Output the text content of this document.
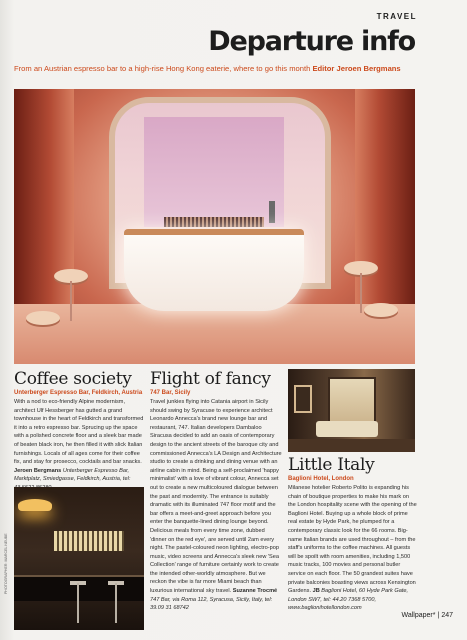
TRAVEL
Departure info
From an Austrian espresso bar to a high-rise Hong Kong eaterie, where to go this month Editor Jeroen Bergmans
Coffee society
Unterberger Espresso Bar, Feldkirch, Austria

With a nod to eco-friendly Alpine modernism, architect Ulf Hessberger has gutted a grand townhouse in the heart of Feldkirch and transformed it into a retro espresso bar. Sprucing up the space with a polished concrete floor and a sleek bar made of beaten black iron, he then filled it with slick Italian furnishings. Locals of all ages come for their coffee fix, and stay for prosecco, cocktails and bar snacks. Jeroen Bergmans Unterberger Espresso Bar, Marktplatz, Smiedgasse, Feldkirch, Austria, tel:

PHOTOGRAPHER: MARCEL NEUBE
Flight of fancy
747 Bar, Sicily

Travel junkies flying into Catania airport in Sicily should swing by Syracuse to experience architect Leonardo Annecca's brand new lounge bar and restaurant, 747. Italian developers Dambaloo Siracusa decided to add an oasis of contemporary design to the ancient streets of the baroque city and commissioned Annecca's LA Design and Architecture studio to create a drinking and dining venue with an airline cabin in mind. Being a self-proclaimed 'happy minimalist' with a love of vibrant colour, Annecca set out to create a new multicoloured dialogue between the past and modernity. The entrance is suitably dramatic with its illuminated 747 floor motif and the bar offers a meet-and-greet approach before you enter the banquette-lined dining lounge beyond. Delicious meals from every time zone, dubbed 'dinner on the red eye', are served until 2am every night. The pastel-coloured neon lighting, electro-pop music, video screens and Annecca's sleek new 'Sea Collection' range of furniture certainly work to create the intended other-worldly atmosphere. But we reckon the vibe is far more Miami beach than luxurious international sky travel. Suzanne Trocmé 747 Bar, via Roma 112, Syracusa, Sicily, Italy, tel: 39.09 31 68742

Little Italy
Baglioni Hotel, London

Milanese hotelier Roberto Polito is expanding his chain of boutique properties to make his mark on the London hospitality scene with the opening of the Baglioni Hotel. Buying up a whole block of prime real estate by Hyde Park, he plumped for a contemporary classic look for the 66 rooms. Big-name Italian brands are used throughout – from the staff's uniforms to the coffee machines. All guests will be spoilt with room amenities, including 1,500 music tracks, 100 movies and personal butler service on each floor. The 50 grandest suites have private balconies boasting views across Kensington Gardens. JB Baglioni Hotel, 60 Hyde Park Gate, London SW7, tel: 44.20 7368 5700, www.baglionihotellondon.com

Wallpaper* | 247
